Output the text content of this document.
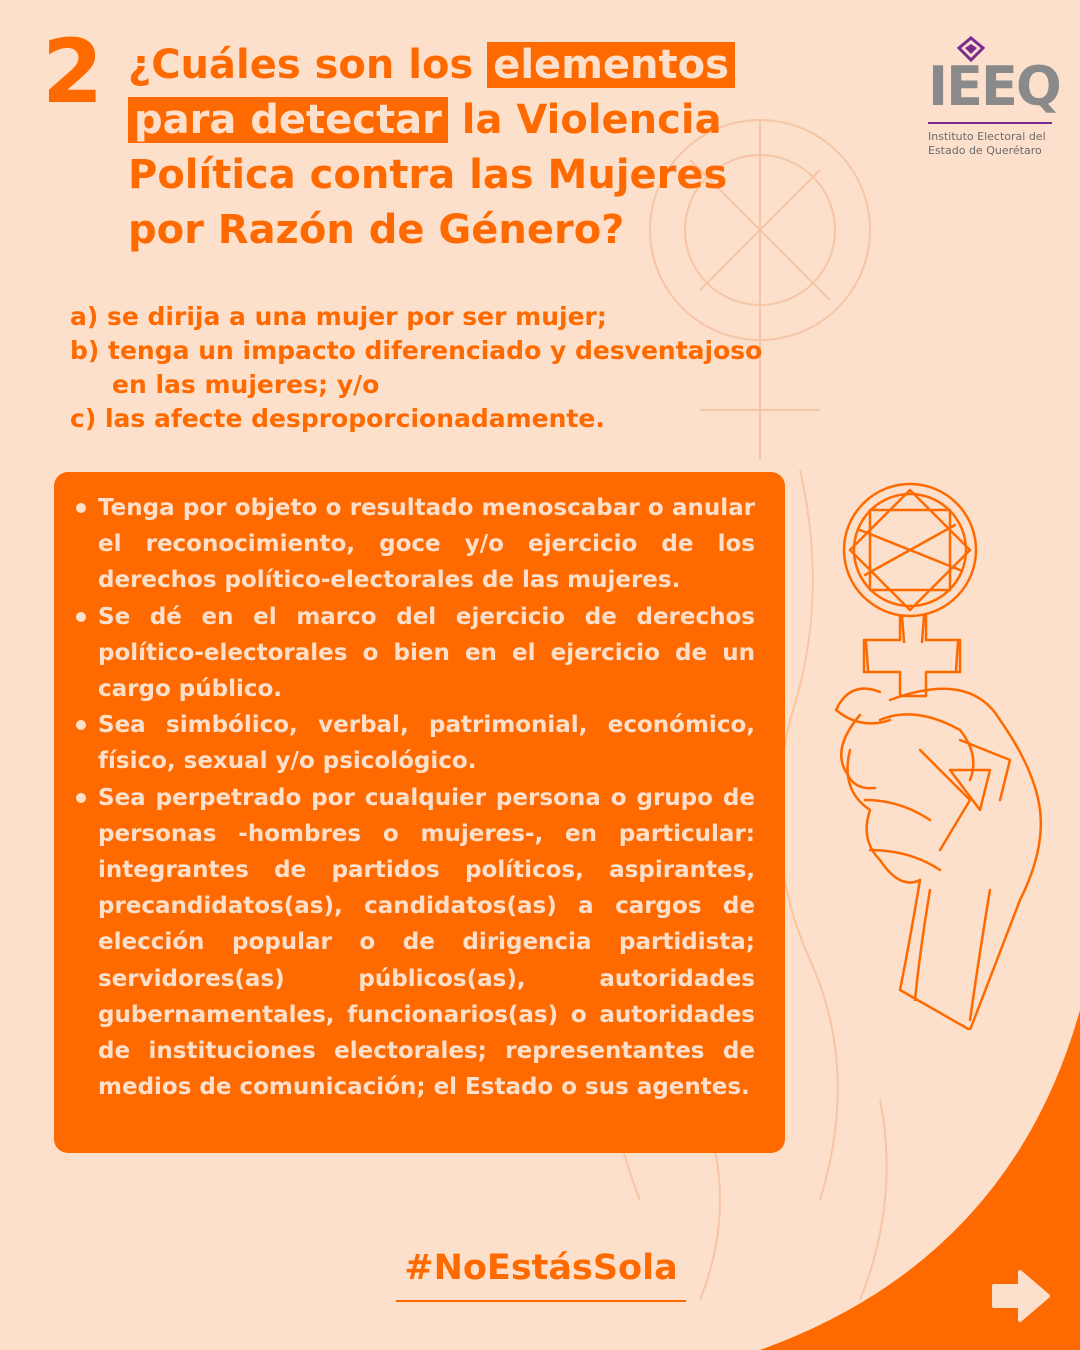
2 ¿Cuáles son los elementos
para detectar la Violencia Política contra las Mujeres por Razón de Género?
IEEQ
Instituto Electoral del
Estado de Querétaro
a) se dirija a una mujer por ser mujer;
b) tenga un impacto diferenciado y desventajoso
en las mujeres; y/o
c) las afecte desproporcionadamente.
Tenga por objeto o resultado menoscabar o anular el reconocimiento, goce y/o ejercicio de los derechos político-electorales de las mujeres.
Se dé en el marco del ejercicio de derechos político-electorales o bien en el ejercicio de un cargo público.
Sea simbólico, verbal, patrimonial, económico, físico, sexual y/o psicológico.
Sea perpetrado por cualquier persona o grupo de personas -hombres o mujeres-, en particular: integrantes de partidos políticos, aspirantes, precandidatos(as), candidatos(as) a cargos de elección popular o de dirigencia partidista; servidores(as) públicos(as), autoridades gubernamentales, funcionarios(as) o autoridades de instituciones electorales; representantes de medios de comunicación; el Estado o sus agentes.
#NoEstásSola
